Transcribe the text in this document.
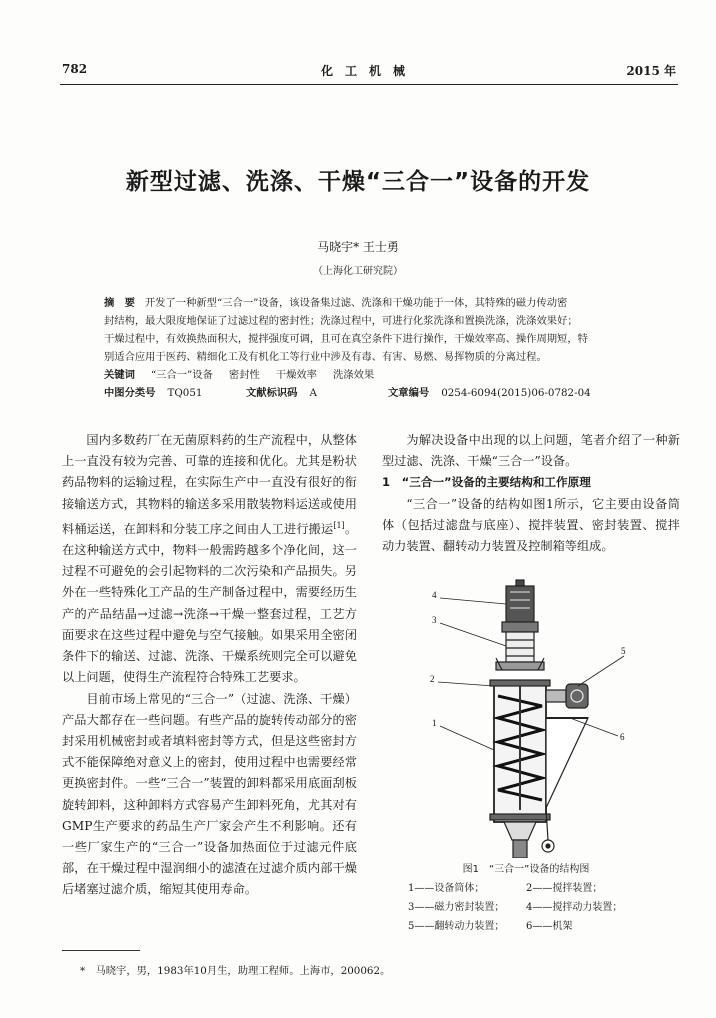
782	化工机械	2015 年
新型过滤、洗涤、干燥“三合一”设备的开发
马晓宇* 王士勇
（上海化工研究院）
摘　要 开发了一种新型“三合一”设备，该设备集过滤、洗涤和干燥功能于一体，其特殊的磁力传动密
封结构，最大限度地保证了过滤过程的密封性；洗涤过程中，可进行化浆洗涤和置换洗涤，洗涤效果好；
干燥过程中，有效换热面积大，搅拌强度可调，且可在真空条件下进行操作，干燥效率高、操作周期短，特
别适合应用于医药、精细化工及有机化工等行业中涉及有毒、有害、易燃、易挥物质的分离过程。
关键词 “三合一”设备 密封性 干燥效率 洗涤效果
中图分类号 TQ051	文献标识码 A	文章编号 0254-6094(2015)06-0782-04

国内多数药厂在无菌原料药的生产流程中，从整体上一直没有较为完善、可靠的连接和优化。尤其是粉状药品物料的运输过程，在实际生产中一直没有很好的衔接输送方式，其物料的输送多采用散装物料运送或使用料桶运送，在卸料和分装工序之间由人工进行搬运[1]。在这种输送方式中，物料一般需跨越多个净化间，这一过程不可避免的会引起物料的二次污染和产品损失。另外在一些特殊化工产品的生产制备过程中，需要经历生产的产品结晶→过滤→洗涤→干燥一整套过程，工艺方面要求在这些过程中避免与空气接触。如果采用全密闭条件下的输送、过滤、洗涤、干燥系统则完全可以避免以上问题，使得生产流程符合特殊工艺要求。

目前市场上常见的“三合一”（过滤、洗涤、干燥）产品大都存在一些问题。有些产品的旋转传动部分的密封采用机械密封或者填料密封等方式，但是这些密封方式不能保障绝对意义上的密封，使用过程中也需要经常更换密封件。一些“三合一”装置的卸料都采用底面刮板旋转卸料，这种卸料方式容易产生卸料死角，尤其对有GMP生产要求的药品生产厂家会产生不利影响。还有一些厂家生产的“三合一”设备加热面位于过滤元件底部，在干燥过程中湿润细小的滤渣在过滤介质内部干燥后堵塞过滤介质，缩短其使用寿命。

为解决设备中出现的以上问题，笔者介绍了一种新型过滤、洗涤、干燥“三合一”设备。

1　“三合一”设备的主要结构和工作原理

“三合一”设备的结构如图1所示，它主要由设备筒体（包括过滤盘与底座）、搅拌装置、密封装置、搅拌动力装置、翻转动力装置及控制箱等组成。

4
3
5
2
1
6
图1　“三合一”设备的结构图
1——设备筒体；	2——搅拌装置；
3——磁力密封装置；	4——搅拌动力装置；
5——翻转动力装置；	6——机架
*　马晓宇，男，1983年10月生，助理工程师。上海市，200062。
